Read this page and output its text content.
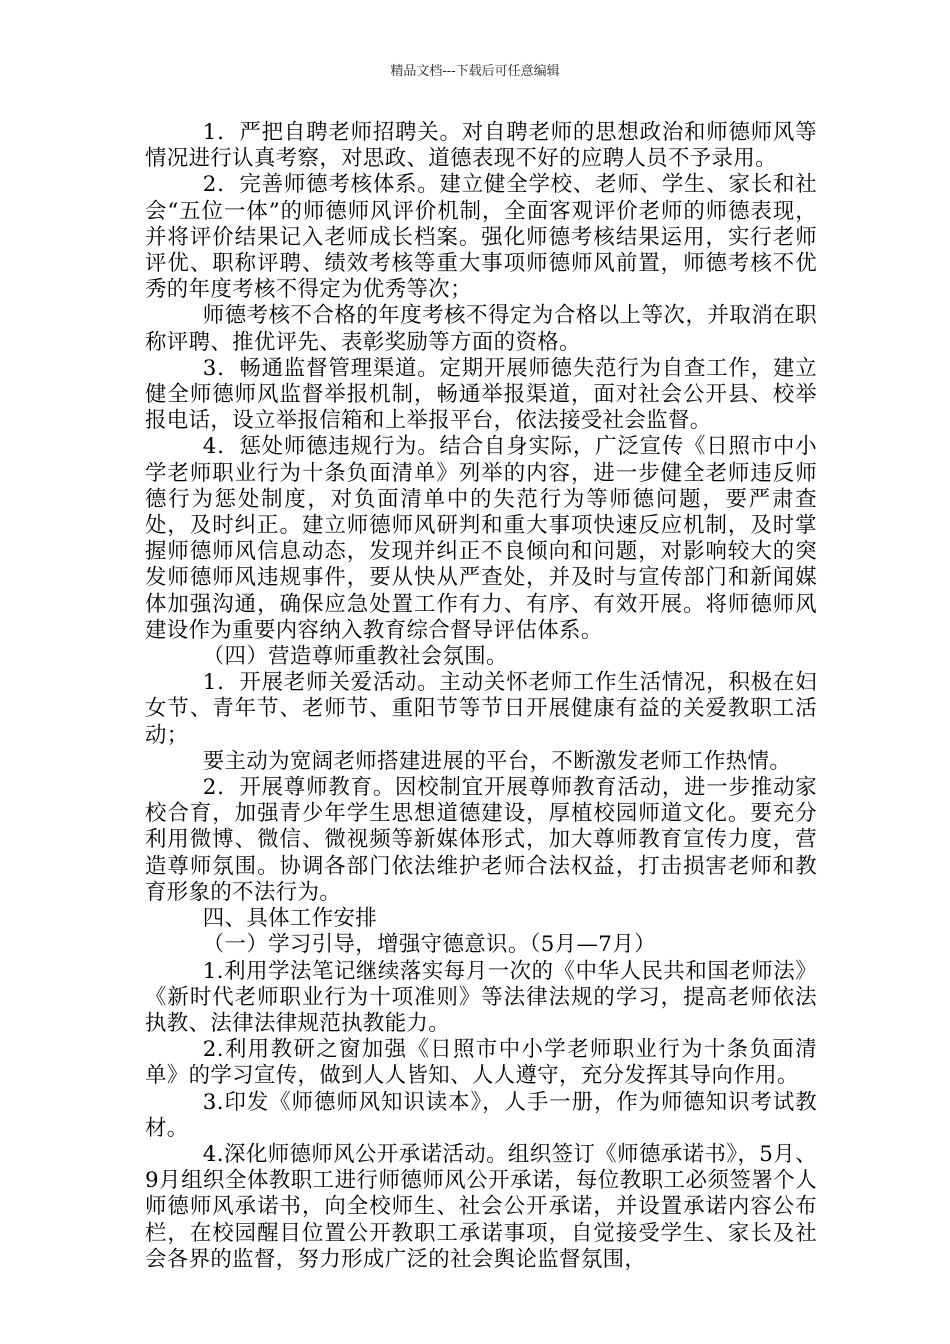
精品文档---下载后可任意编辑

1．严把自聘老师招聘关。对自聘老师的思想政治和师德师风等情况进行认真考察，对思政、道德表现不好的应聘人员不予录用。

2．完善师德考核体系。建立健全学校、老师、学生、家长和社会“五位一体”的师德师风评价机制，全面客观评价老师的师德表现，并将评价结果记入老师成长档案。强化师德考核结果运用，实行老师评优、职称评聘、绩效考核等重大事项师德师风前置，师德考核不优秀的年度考核不得定为优秀等次；

师德考核不合格的年度考核不得定为合格以上等次，并取消在职称评聘、推优评先、表彰奖励等方面的资格。

3．畅通监督管理渠道。定期开展师德失范行为自查工作，建立健全师德师风监督举报机制，畅通举报渠道，面对社会公开县、校举报电话，设立举报信箱和上举报平台，依法接受社会监督。

4．惩处师德违规行为。结合自身实际，广泛宣传《日照市中小学老师职业行为十条负面清单》列举的内容，进一步健全老师违反师德行为惩处制度，对负面清单中的失范行为等师德问题，要严肃查处，及时纠正。建立师德师风研判和重大事项快速反应机制，及时掌握师德师风信息动态，发现并纠正不良倾向和问题，对影响较大的突发师德师风违规事件，要从快从严查处，并及时与宣传部门和新闻媒体加强沟通，确保应急处置工作有力、有序、有效开展。将师德师风建设作为重要内容纳入教育综合督导评估体系。

（四）营造尊师重教社会氛围。

1．开展老师关爱活动。主动关怀老师工作生活情况，积极在妇女节、青年节、老师节、重阳节等节日开展健康有益的关爱教职工活动；

要主动为宽阔老师搭建进展的平台，不断激发老师工作热情。

2．开展尊师教育。因校制宜开展尊师教育活动，进一步推动家校合育，加强青少年学生思想道德建设，厚植校园师道文化。要充分利用微博、微信、微视频等新媒体形式，加大尊师教育宣传力度，营造尊师氛围。协调各部门依法维护老师合法权益，打击损害老师和教育形象的不法行为。

四、具体工作安排

（一）学习引导，增强守德意识。（5月—7月）

1.利用学法笔记继续落实每月一次的《中华人民共和国老师法》《新时代老师职业行为十项准则》等法律法规的学习，提高老师依法执教、法律法律规范执教能力。

2.利用教研之窗加强《日照市中小学老师职业行为十条负面清单》的学习宣传，做到人人皆知、人人遵守，充分发挥其导向作用。

3.印发《师德师风知识读本》，人手一册，作为师德知识考试教材。

4.深化师德师风公开承诺活动。组织签订《师德承诺书》，5月、9月组织全体教职工进行师德师风公开承诺，每位教职工必须签署个人师德师风承诺书，向全校师生、社会公开承诺，并设置承诺内容公布栏，在校园醒目位置公开教职工承诺事项，自觉接受学生、家长及社会各界的监督，努力形成广泛的社会舆论监督氛围，
